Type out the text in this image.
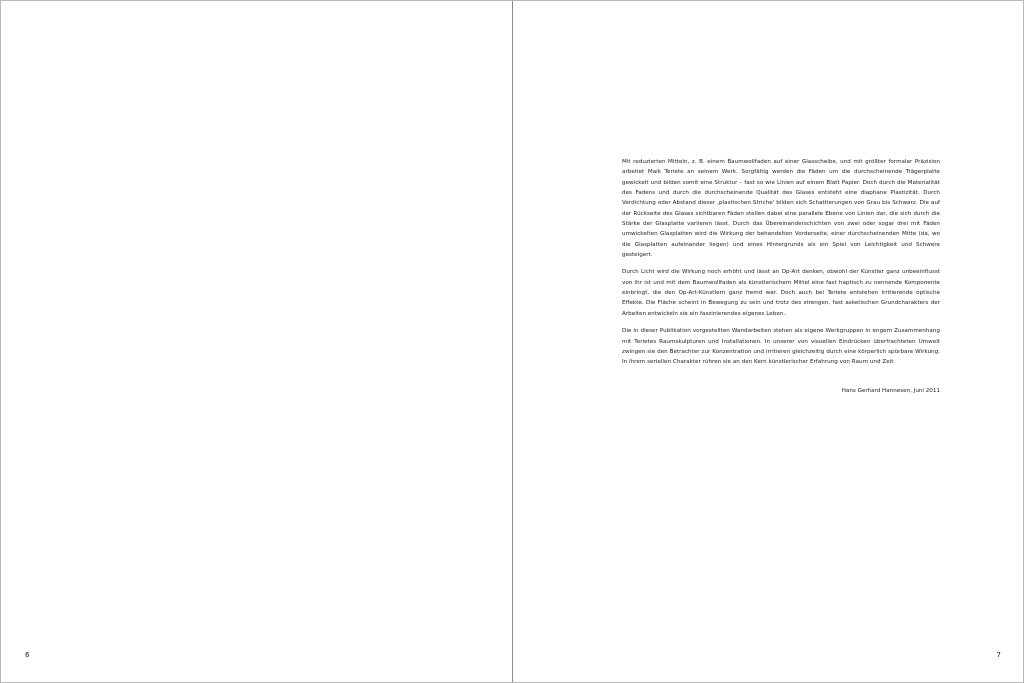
6

Mit reduzierten Mitteln, z. B. einem Baumwollfaden auf einer Glasscheibe, und mit größter formaler Präzision arbeitet Maik Teriete an seinem Werk. Sorgfältig werden die Fäden um die durchscheinende Trägerplatte gewickelt und bilden somit eine Struktur – fast so wie Linien auf einem Blatt Papier. Doch durch die Materialität des Fadens und durch die durchscheinende Qualität des Glases entsteht eine diaphane Plastizität. Durch Verdichtung oder Abstand dieser ‚plastischen Striche' bilden sich Schattierungen von Grau bis Schwarz. Die auf der Rückseite des Glases sichtbaren Fäden stellen dabei eine parallele Ebene von Linien dar, die sich durch die Stärke der Glasplatte variieren lässt. Durch das Übereinanderschichten von zwei oder sogar drei mit Fäden umwickelten Glasplatten wird die Wirkung der behandelten Vorderseite, einer durchscheinenden Mitte (da, wo die Glasplatten aufeinander liegen) und eines Hintergrunds als ein Spiel von Leichtigkeit und Schwere gesteigert.

Durch Licht wird die Wirkung noch erhöht und lässt an Op-Art denken, obwohl der Künstler ganz unbeeinflusst von ihr ist und mit dem Baumwollfaden als künstlerischem Mittel eine fast haptisch zu nennende Komponente einbringt, die den Op-Art-Künstlern ganz fremd war. Doch auch bei Teriete entstehen irritierende optische Effekte. Die Fläche scheint in Bewegung zu sein und trotz des strengen, fast asketischen Grundcharakters der Arbeiten entwickeln sie ein faszinierendes eigenes Leben.

Die in dieser Publikation vorgestellten Wandarbeiten stehen als eigene Werkgruppen in engem Zusammenhang mit Terietes Raumskulpturen und Installationen. In unserer von visuellen Eindrücken überfrachteten Umwelt zwingen sie den Betrachter zur Konzentration und irritieren gleichzeitig durch eine körperlich spürbare Wirkung. In ihrem seriellen Charakter rühren sie an den Kern künstlerischer Erfahrung von Raum und Zeit.

Hans Gerhard Hannesen, Juni 2011
7
